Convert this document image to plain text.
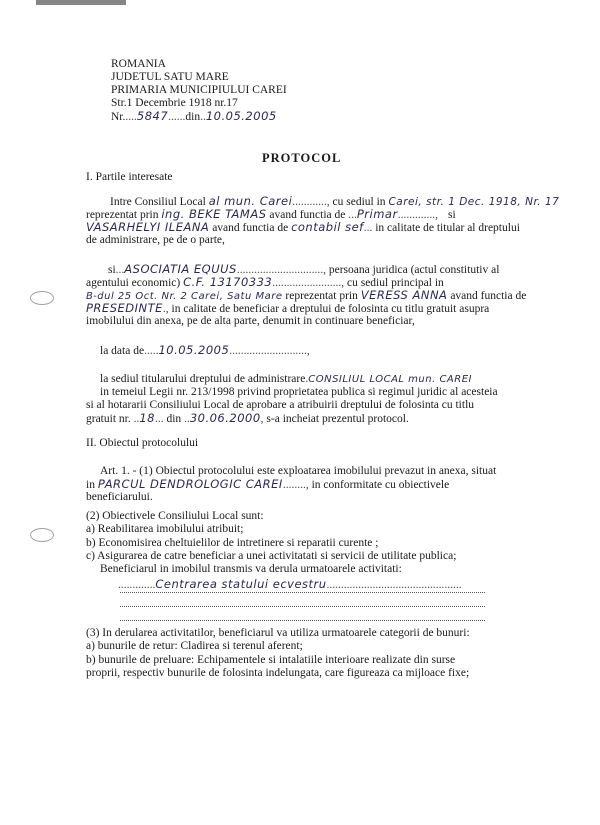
ROMANIA
JUDETUL SATU MARE
PRIMARIA MUNICIPIULUI CAREI
Str.1 Decembrie 1918 nr.17
Nr.....5847......din..10.05.2005
PROTOCOL
I. Partile interesate
Intre Consiliul Local al mun. Carei............, cu sediul in Carei, str. 1 Dec. 1918, Nr. 17
reprezentat prin ing. BEKE TAMAS avand functia de ...Primar............., si
VASARHELYI ILEANA avand functia de contabil sef... in calitate de titular al dreptului
de administrare, pe de o parte,
si...ASOCIATIA EQUUS.............................., persoana juridica (actul constitutiv al
agentului economic) C.F. 13170333........................, cu sediul principal in
B-dul 25 Oct. Nr. 2 Carei, Satu Mare reprezentat prin VERESS ANNA avand functia de
PRESEDINTE., in calitate de beneficiar a dreptului de folosinta cu titlu gratuit asupra
imobilului din anexa, pe de alta parte, denumit in continuare beneficiar,
la data de.....10.05.2005...........................,
la sediul titularului dreptului de administrare.CONSILIUL LOCAL mun. CAREI
in temeiul Legii nr. 213/1998 privind proprietatea publica si regimul juridic al acesteia
si al hotararii Consiliului Local de aprobare a atribuirii dreptului de folosinta cu titlu
gratuit nr. ..18... din ..30.06.2000, s-a incheiat prezentul protocol.
II. Obiectul protocolului
Art. 1. - (1) Obiectul protocolului este exploatarea imobilului prevazut in anexa, situat
in PARCUL DENDROLOGIC CAREI........, in conformitate cu obiectivele
beneficiarului.
(2) Obiectivele Consiliului Local sunt:
a) Reabilitarea imobilului atribuit;
b) Economisirea cheltuielilor de intretinere si reparatii curente ;
c) Asigurarea de catre beneficiar a unei activitatati si servicii de utilitate publica;
Beneficiarul in imobilul transmis va derula urmatoarele activitati:
.............Centrarea statului ecvestru...............................................
(3) In derularea activitatilor, beneficiarul va utiliza urmatoarele categorii de bunuri:
a) bunurile de retur: Cladirea si terenul aferent;
b) bunurile de preluare: Echipamentele si intalatiile interioare realizate din surse
proprii, respectiv bunurile de folosinta indelungata, care figureaza ca mijloace fixe;
